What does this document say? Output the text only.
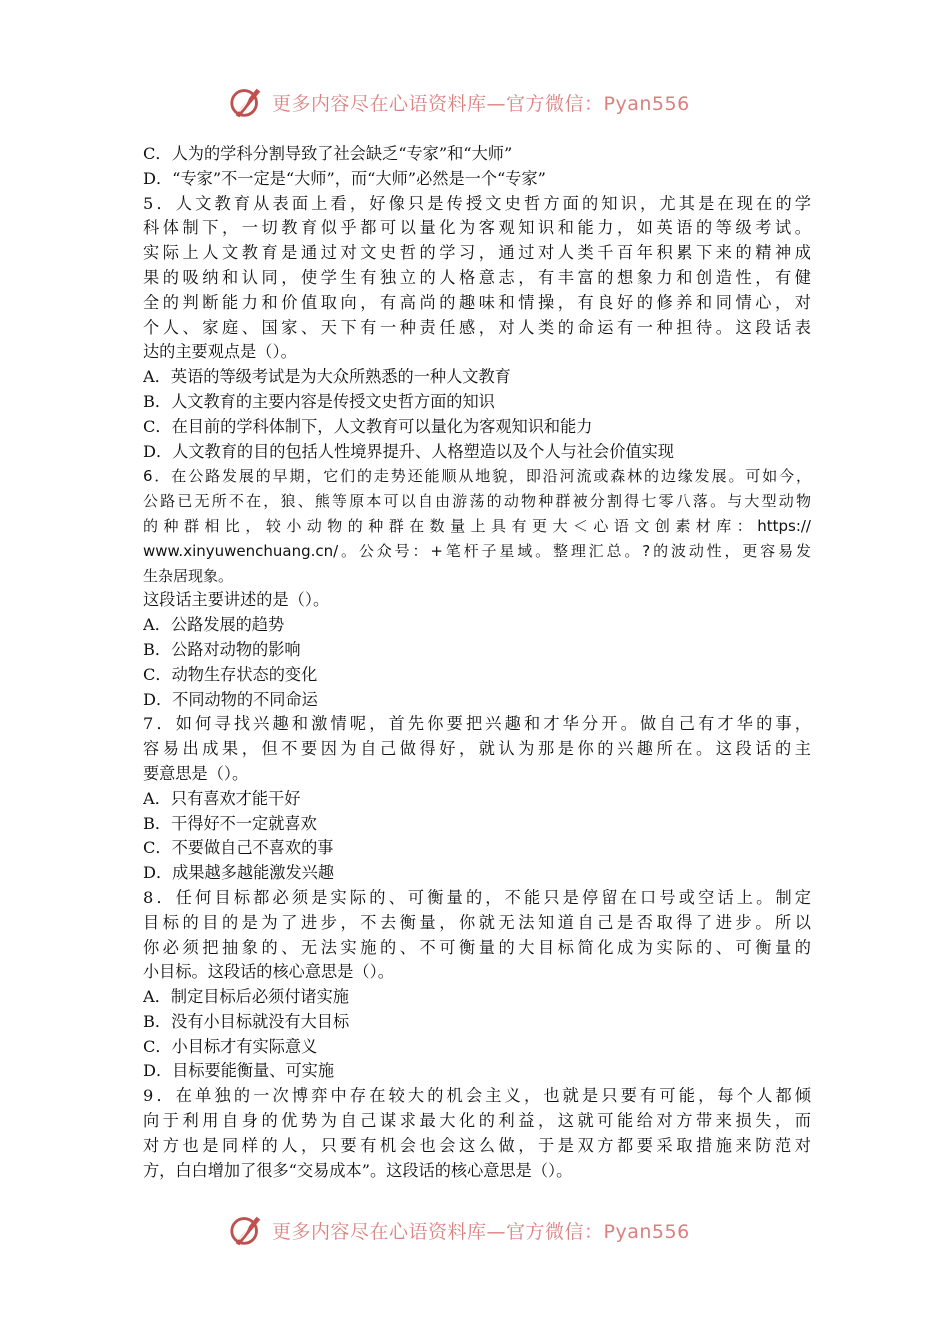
更多内容尽在心语资料库—官方微信：Pyan556
C．人为的学科分割导致了社会缺乏“专家”和“大师”
D．“专家”不一定是“大师”，而“大师”必然是一个“专家”
5．人文教育从表面上看，好像只是传授文史哲方面的知识，尤其是在现在的学
科体制下，一切教育似乎都可以量化为客观知识和能力，如英语的等级考试。
实际上人文教育是通过对文史哲的学习，通过对人类千百年积累下来的精神成
果的吸纳和认同，使学生有独立的人格意志，有丰富的想象力和创造性，有健
全的判断能力和价值取向，有高尚的趣味和情操，有良好的修养和同情心，对
个人、家庭、国家、天下有一种责任感，对人类的命运有一种担待。这段话表
达的主要观点是（）。
A．英语的等级考试是为大众所熟悉的一种人文教育
B．人文教育的主要内容是传授文史哲方面的知识
C．在目前的学科体制下，人文教育可以量化为客观知识和能力
D．人文教育的目的包括人性境界提升、人格塑造以及个人与社会价值实现
6．在公路发展的早期，它们的走势还能顺从地貌，即沿河流或森林的边缘发展。可如今，
公路已无所不在，狼、熊等原本可以自由游荡的动物种群被分割得七零八落。与大型动物
的种群相比，较小动物的种群在数量上具有更大＜心语文创素材库：https://
www.xinyuwenchuang.cn/。公众号：+笔杆子星域。整理汇总。?的波动性，更容易发
生杂居现象。
这段话主要讲述的是（）。
A．公路发展的趋势
B．公路对动物的影响
C．动物生存状态的变化
D．不同动物的不同命运
7．如何寻找兴趣和激情呢，首先你要把兴趣和才华分开。做自己有才华的事，
容易出成果，但不要因为自己做得好，就认为那是你的兴趣所在。这段话的主
要意思是（）。
A．只有喜欢才能干好
B．干得好不一定就喜欢
C．不要做自己不喜欢的事
D．成果越多越能激发兴趣
8．任何目标都必须是实际的、可衡量的，不能只是停留在口号或空话上。制定
目标的目的是为了进步，不去衡量，你就无法知道自己是否取得了进步。所以
你必须把抽象的、无法实施的、不可衡量的大目标简化成为实际的、可衡量的
小目标。这段话的核心意思是（）。
A．制定目标后必须付诸实施
B．没有小目标就没有大目标
C．小目标才有实际意义
D．目标要能衡量、可实施
9．在单独的一次博弈中存在较大的机会主义，也就是只要有可能，每个人都倾
向于利用自身的优势为自己谋求最大化的利益，这就可能给对方带来损失，而
对方也是同样的人，只要有机会也会这么做，于是双方都要采取措施来防范对
方，白白增加了很多“交易成本”。这段话的核心意思是（）。
更多内容尽在心语资料库—官方微信：Pyan556
